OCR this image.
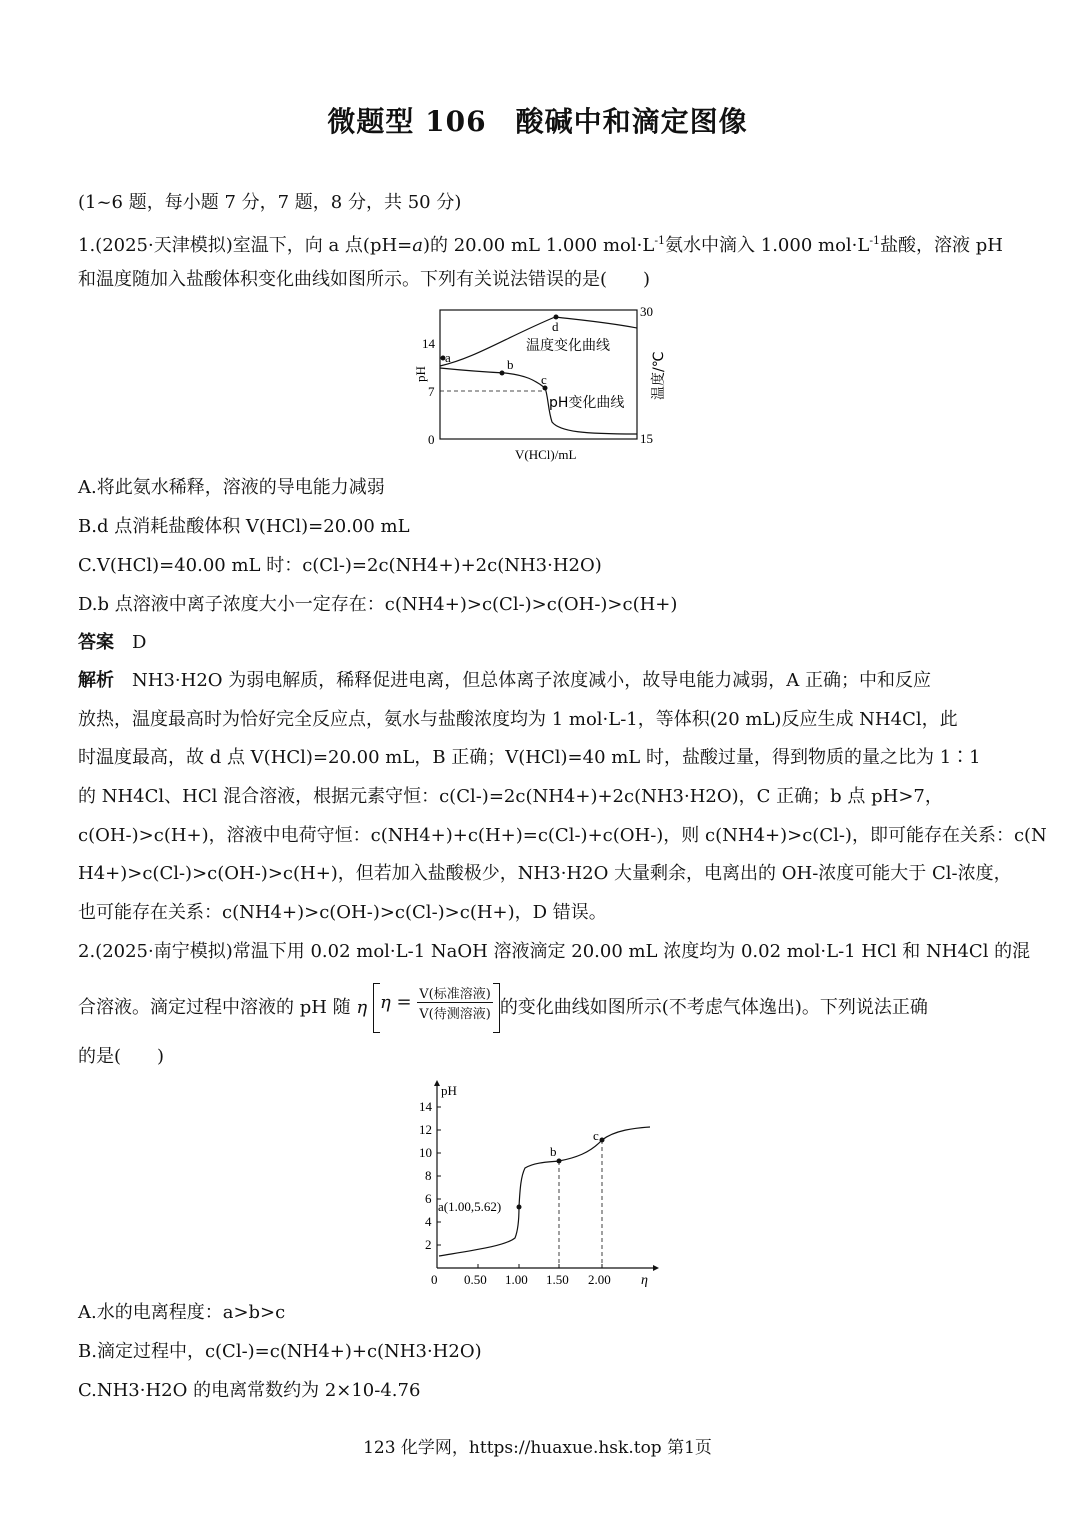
微题型 106　酸碱中和滴定图像
(1~6 题，每小题 7 分，7 题，8 分，共 50 分)
1.(2025·天津模拟)室温下，向 a 点(pH=a)的 20.00 mL 1.000 $mol\cdot L^{-1}$氨水中滴入 1.000 $mol\cdot L^{-1}$盐酸，溶液 pH
和温度随加入盐酸体积变化曲线如图所示。下列有关说法错误的是(　　)
a	b
c
d
温度变化曲线
pH变化曲线
14
7
0
30
15
pH	温度/℃
V(HCl)/mL
A.将此氨水稀释，溶液的导电能力减弱
B.d 点消耗盐酸体积 V(HCl)=20.00 mL
C.V(HCl)=40.00 mL 时：c(Cl-)=2c(NH4+)+2c(NH3·H2O)
D.b 点溶液中离子浓度大小一定存在：c(NH4+)>c(Cl-)>c(OH-)>c(H+)
答案　 D
解析　 NH3·H2O 为弱电解质，稀释促进电离，但总体离子浓度减小，故导电能力减弱，A 正确；中和反应
放热，温度最高时为恰好完全反应点，氨水与盐酸浓度均为 1 mol·L-1，等体积(20 mL)反应生成 NH4Cl，此
时温度最高，故 d 点 V(HCl)=20.00 mL，B 正确；V(HCl)=40 mL 时，盐酸过量，得到物质的量之比为 1∶1
的 NH4Cl、HCl 混合溶液，根据元素守恒：c(Cl-)=2c(NH4+)+2c(NH3·H2O)，C 正确；b 点 pH>7，
c(OH-)>c(H+)，溶液中电荷守恒：c(NH4+)+c(H+)=c(Cl-)+c(OH-)，则 c(NH4+)>c(Cl-)，即可能存在关系：c(N
H4+)>c(Cl-)>c(OH-)>c(H+)，但若加入盐酸极少，NH3·H2O 大量剩余，电离出的 OH-浓度可能大于 Cl-浓度，
也可能存在关系：c(NH4+)>c(OH-)>c(Cl-)>c(H+)，D 错误。
2.(2025·南宁模拟)常温下用 0.02 mol·L-1 NaOH 溶液滴定 20.00 mL 浓度均为 0.02 mol·L-1 HCl 和 NH4Cl 的混
合溶液。滴定过程中溶液的 pH 随 η $\eta = \frac{\text{V(标准溶液)}}{\text{V(待测溶液)}}$ 的变化曲线如图所示(不考虑气体逸出)。下列说法正确
的是(　　)
14
12
10
8
6
4
2
pH
0 0.50 1.00 1.50 2.00 η
a(1.00,5.62)
b
c
A.水的电离程度：a>b>c
B.滴定过程中，c(Cl-)=c(NH4+)+c(NH3·H2O)
C.NH3·H2O 的电离常数约为 2×10-4.76
123 化学网，https://huaxue.hsk.top 第1页
